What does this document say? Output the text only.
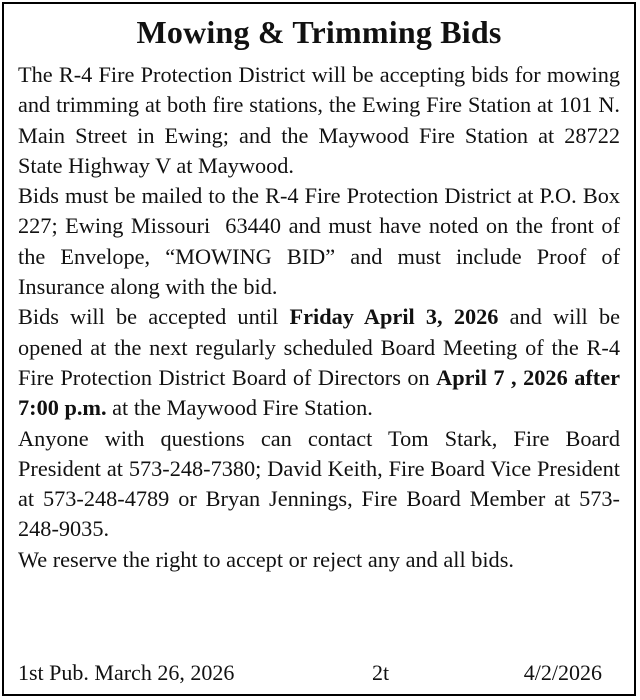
Mowing & Trimming Bids

The R-4 Fire Protection District will be accepting bids for mowing and trimming at both fire stations, the Ewing Fire Station at 101 N. Main Street in Ewing; and the Maywood Fire Station at 28722 State Highway V at Maywood.

Bids must be mailed to the R-4 Fire Protection District at P.O. Box 227; Ewing Missouri  63440 and must have noted on the front of the Envelope, “MOWING BID” and must include Proof of Insurance along with the bid.

Bids will be accepted until Friday April 3, 2026 and will be opened at the next regularly scheduled Board Meeting of the R-4 Fire Protection District Board of Directors on April 7 , 2026 after 7:00 p.m. at the Maywood Fire Station.

Anyone with questions can contact Tom Stark, Fire Board President at 573-248-7380; David Keith, Fire Board Vice President at 573-248-4789 or Bryan Jennings, Fire Board Member at 573-248-9035.

We reserve the right to accept or reject any and all bids.

1st Pub. March 26, 2026	2t	4/2/2026
